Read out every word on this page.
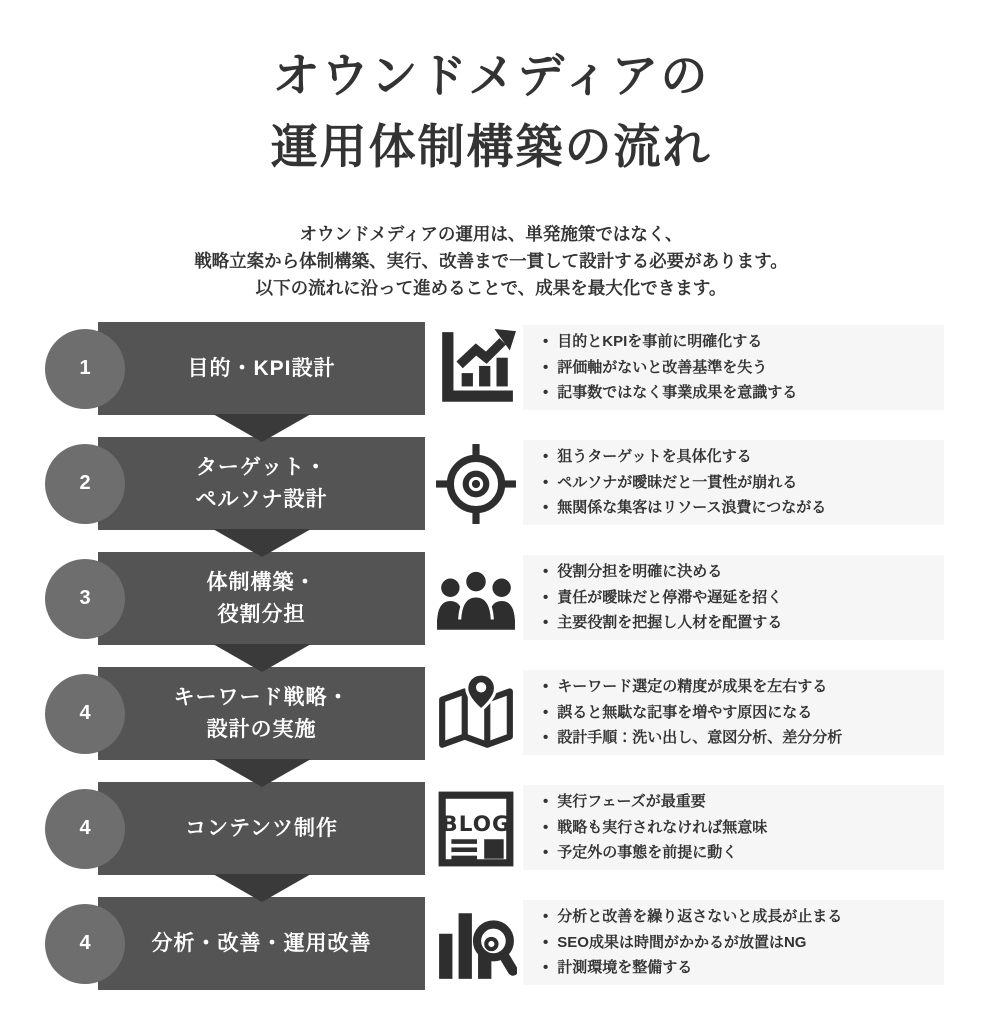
オウンドメディアの
運用体制構築の流れ
オウンドメディアの運用は、単発施策ではなく、
戦略立案から体制構築、実行、改善まで一貫して設計する必要があります。
以下の流れに沿って進めることで、成果を最大化できます。
1	目的・KPI設計
• 目的とKPIを事前に明確化する
• 評価軸がないと改善基準を失う
• 記事数ではなく事業成果を意識する
2
ターゲット・
ペルソナ設計
• 狙うターゲットを具体化する
• ペルソナが曖昧だと一貫性が崩れる
• 無関係な集客はリソース浪費につながる
3
体制構築・
役割分担
• 役割分担を明確に決める
• 責任が曖昧だと停滞や遅延を招く
• 主要役割を把握し人材を配置する
4
キーワード戦略・
設計の実施
• キーワード選定の精度が成果を左右する
• 誤ると無駄な記事を増やす原因になる
• 設計手順：洗い出し、意図分析、差分分析
4	コンテンツ制作	BLOG
• 実行フェーズが最重要
• 戦略も実行されなければ無意味
• 予定外の事態を前提に動く
4	分析・改善・運用改善
• 分析と改善を繰り返さないと成長が止まる
• SEO成果は時間がかかるが放置はNG
• 計測環境を整備する
